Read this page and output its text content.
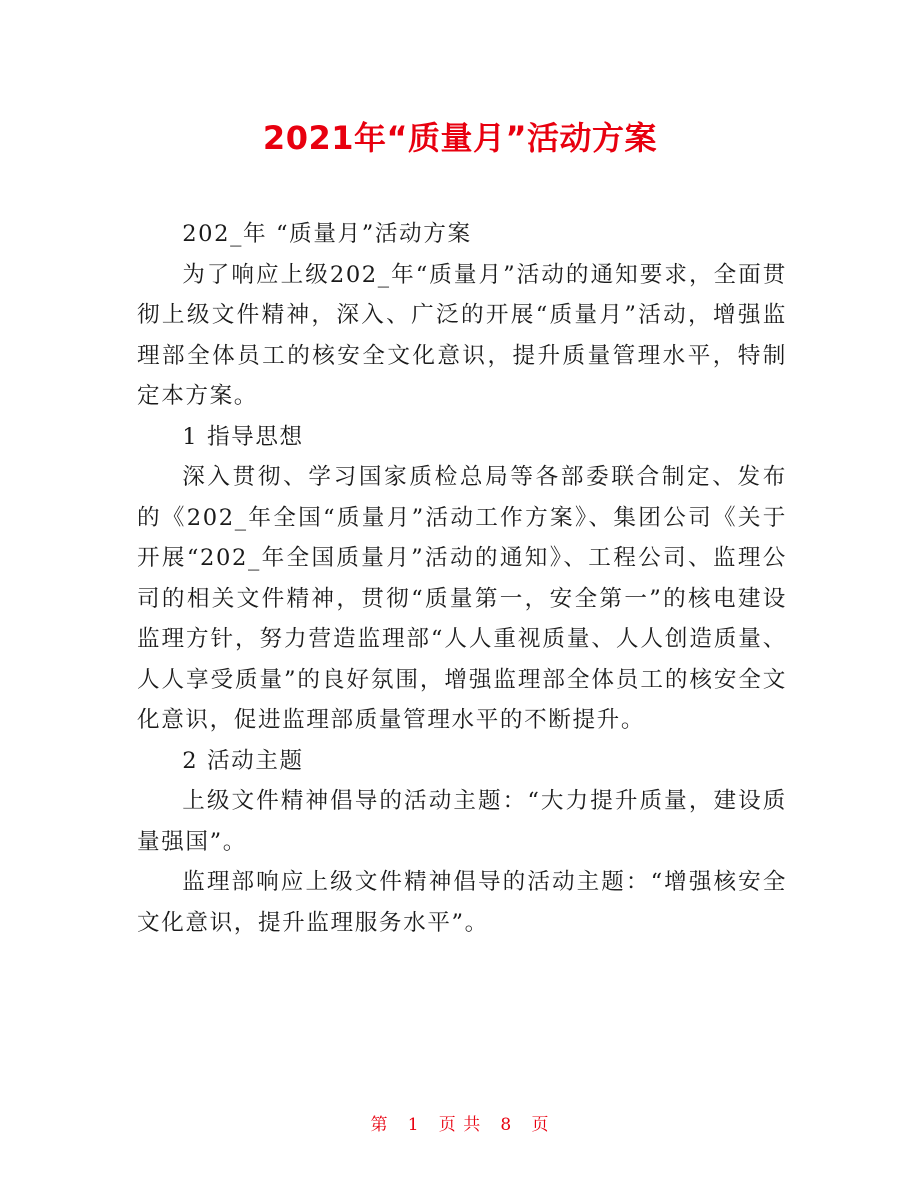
2021年“质量月”活动方案

202_年 “质量月”活动方案

为了响应上级202_年“质量月”活动的通知要求，全面贯彻上级文件精神，深入、广泛的开展“质量月”活动，增强监理部全体员工的核安全文化意识，提升质量管理水平，特制定本方案。

1 指导思想

深入贯彻、学习国家质检总局等各部委联合制定、发布的《202_年全国“质量月”活动工作方案》、集团公司《关于开展“202_年全国质量月”活动的通知》、工程公司、监理公司的相关文件精神，贯彻“质量第一，安全第一”的核电建设监理方针，努力营造监理部“人人重视质量、人人创造质量、人人享受质量”的良好氛围，增强监理部全体员工的核安全文化意识，促进监理部质量管理水平的不断提升。

2 活动主题

上级文件精神倡导的活动主题：“大力提升质量，建设质量强国”。

监理部响应上级文件精神倡导的活动主题：“增强核安全文化意识，提升监理服务水平”。

第 1 页 共 8 页
